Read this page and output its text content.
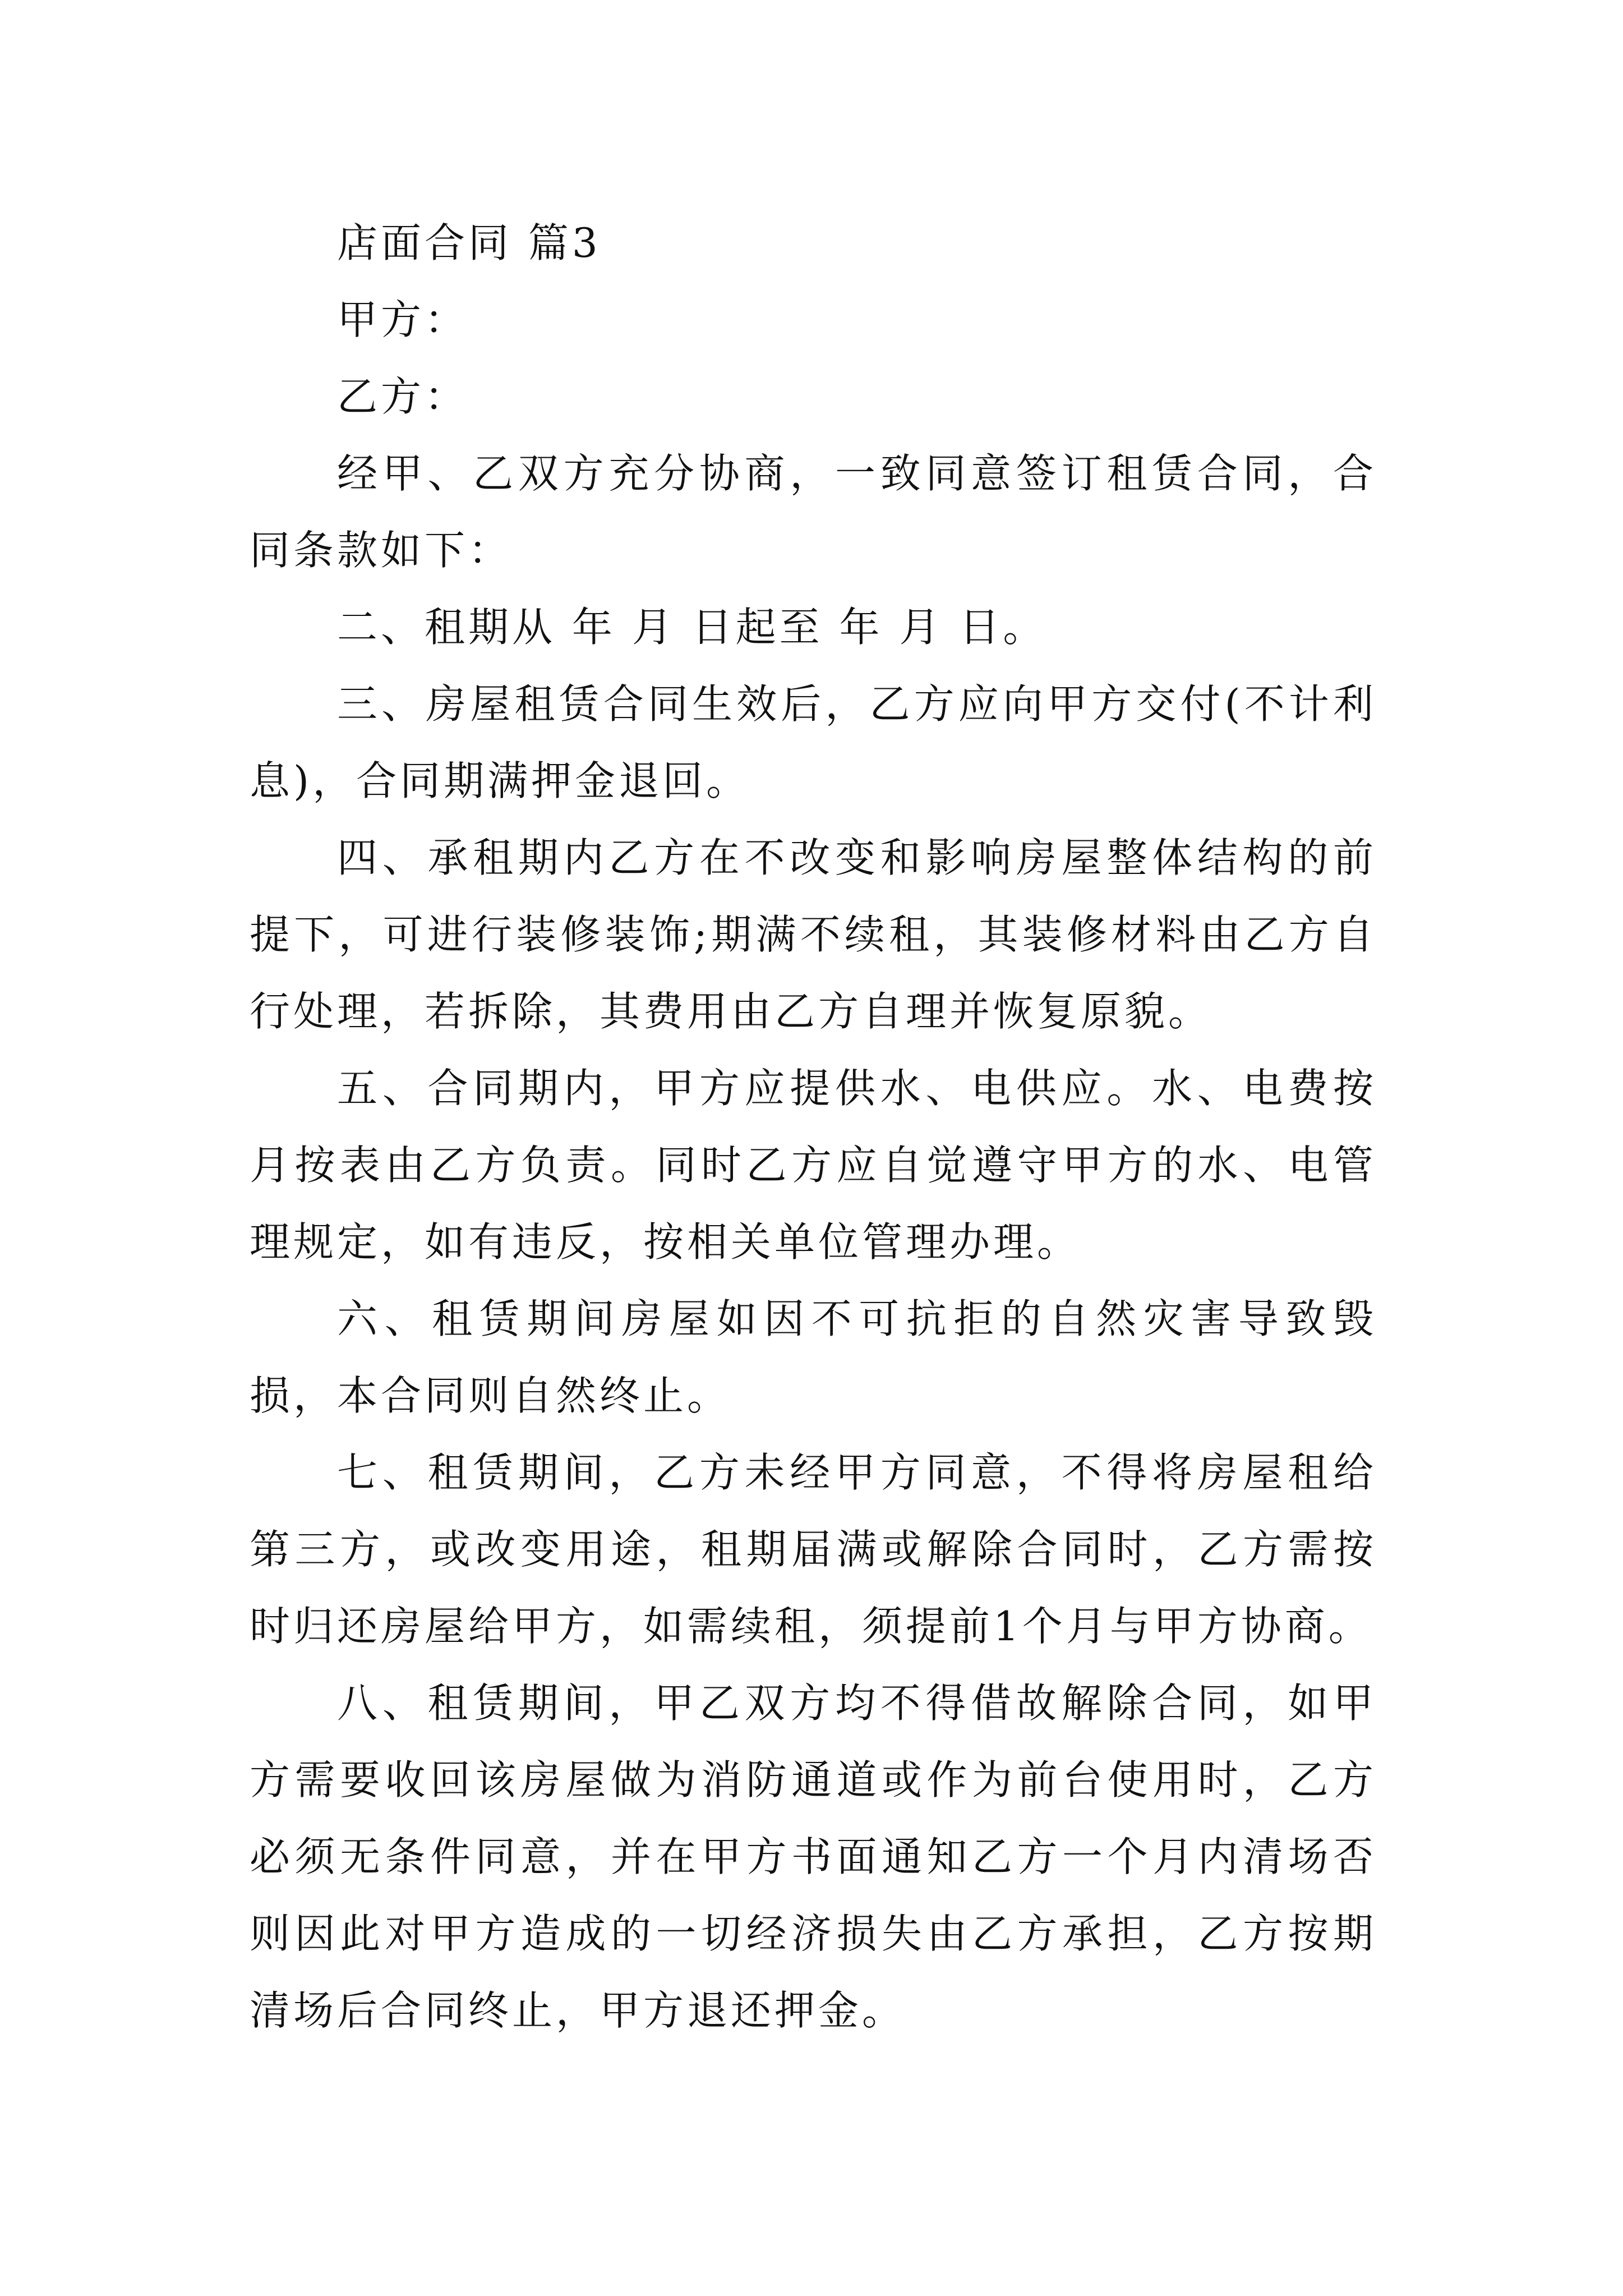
店面合同 篇3

甲方：

乙方：

经甲、乙双方充分协商，一致同意签订租赁合同，合同条款如下：

二、租期从 年 月 日起至 年 月 日。

三、房屋租赁合同生效后，乙方应向甲方交付(不计利息)，合同期满押金退回。

四、承租期内乙方在不改变和影响房屋整体结构的前提下，可进行装修装饰;期满不续租，其装修材料由乙方自行处理，若拆除，其费用由乙方自理并恢复原貌。

五、合同期内，甲方应提供水、电供应。水、电费按月按表由乙方负责。同时乙方应自觉遵守甲方的水、电管理规定，如有违反，按相关单位管理办理。

六、租赁期间房屋如因不可抗拒的自然灾害导致毁损，本合同则自然终止。

七、租赁期间，乙方未经甲方同意，不得将房屋租给第三方，或改变用途，租期届满或解除合同时，乙方需按时归还房屋给甲方，如需续租，须提前1个月与甲方协商。

八、租赁期间，甲乙双方均不得借故解除合同，如甲方需要收回该房屋做为消防通道或作为前台使用时，乙方必须无条件同意，并在甲方书面通知乙方一个月内清场否则因此对甲方造成的一切经济损失由乙方承担，乙方按期清场后合同终止，甲方退还押金。
